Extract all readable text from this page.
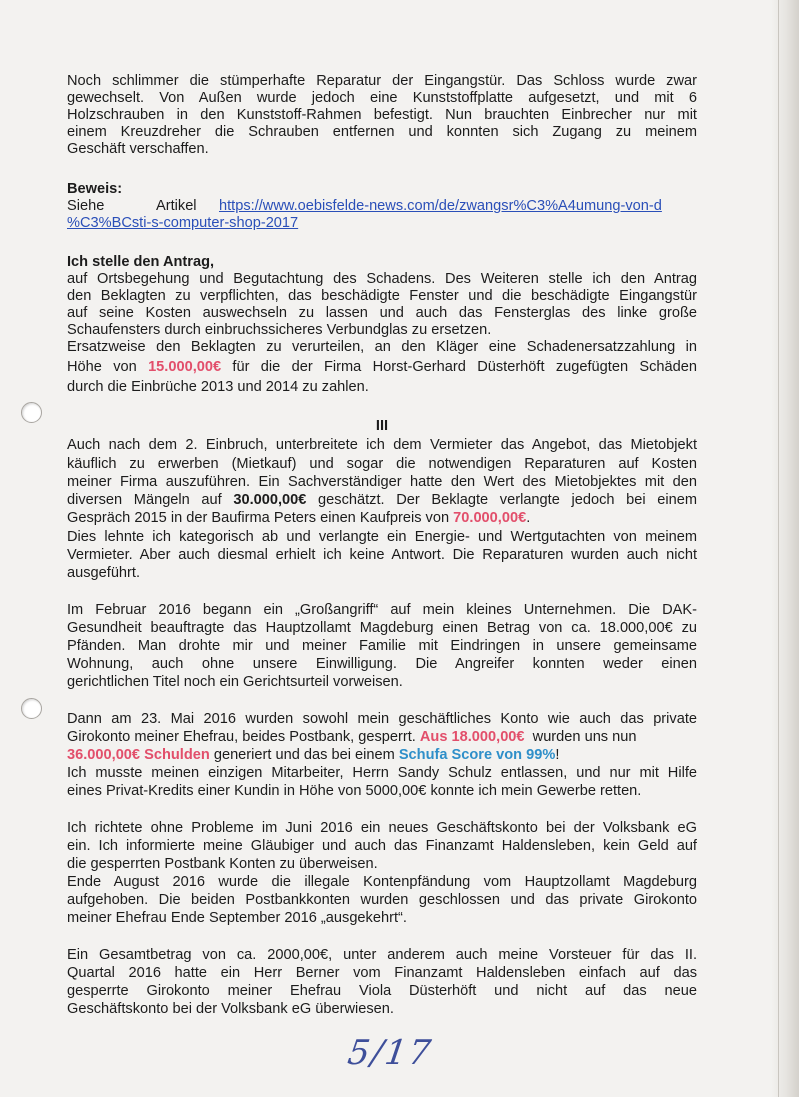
Noch schlimmer die stümperhafte Reparatur der Eingangstür. Das Schloss wurde zwar
gewechselt. Von Außen wurde jedoch eine Kunststoffplatte aufgesetzt, und mit 6
Holzschrauben in den Kunststoff-Rahmen befestigt. Nun brauchten Einbrecher nur mit
einem Kreuzdreher die Schrauben entfernen und konnten sich Zugang zu meinem
Geschäft verschaffen.
Beweis:
Siehe	Artikel https://www.oebisfelde-news.com/de/zwangsr%C3%A4umung-von-d
%C3%BCsti-s-computer-shop-2017
Ich stelle den Antrag,
auf Ortsbegehung und Begutachtung des Schadens. Des Weiteren stelle ich den Antrag
den Beklagten zu verpflichten, das beschädigte Fenster und die beschädigte Eingangstür
auf seine Kosten auswechseln zu lassen und auch das Fensterglas des linke große
Schaufensters durch einbruchssicheres Verbundglas zu ersetzen.
Ersatzweise den Beklagten zu verurteilen, an den Kläger eine Schadenersatzzahlung in
Höhe von 15.000,00€ für die der Firma Horst-Gerhard Düsterhöft zugefügten Schäden
durch die Einbrüche 2013 und 2014 zu zahlen.
III
Auch nach dem 2. Einbruch, unterbreitete ich dem Vermieter das Angebot, das Mietobjekt
käuflich zu erwerben (Mietkauf) und sogar die notwendigen Reparaturen auf Kosten
meiner Firma auszuführen. Ein Sachverständiger hatte den Wert des Mietobjektes mit den
diversen Mängeln auf 30.000,00€ geschätzt. Der Beklagte verlangte jedoch bei einem
Gespräch 2015 in der Baufirma Peters einen Kaufpreis von 70.000,00€.
Dies lehnte ich kategorisch ab und verlangte ein Energie- und Wertgutachten von meinem
Vermieter. Aber auch diesmal erhielt ich keine Antwort. Die Reparaturen wurden auch nicht
ausgeführt.
Im Februar 2016 begann ein „Großangriff“ auf mein kleines Unternehmen. Die DAK-
Gesundheit beauftragte das Hauptzollamt Magdeburg einen Betrag von ca. 18.000,00€ zu
Pfänden. Man drohte mir und meiner Familie mit Eindringen in unsere gemeinsame
Wohnung, auch ohne unsere Einwilligung. Die Angreifer konnten weder einen
gerichtlichen Titel noch ein Gerichtsurteil vorweisen.
Dann am 23. Mai 2016 wurden sowohl mein geschäftliches Konto wie auch das private
Girokonto meiner Ehefrau, beides Postbank, gesperrt. Aus 18.000,00€  wurden uns nun
36.000,00€ Schulden generiert und das bei einem Schufa Score von 99%!
Ich musste meinen einzigen Mitarbeiter, Herrn Sandy Schulz entlassen, und nur mit Hilfe
eines Privat-Kredits einer Kundin in Höhe von 5000,00€ konnte ich mein Gewerbe retten.
Ich richtete ohne Probleme im Juni 2016 ein neues Geschäftskonto bei der Volksbank eG
ein. Ich informierte meine Gläubiger und auch das Finanzamt Haldensleben, kein Geld auf
die gesperrten Postbank Konten zu überweisen.
Ende August 2016 wurde die illegale Kontenpfändung vom Hauptzollamt Magdeburg
aufgehoben. Die beiden Postbankkonten wurden geschlossen und das private Girokonto
meiner Ehefrau Ende September 2016 „ausgekehrt“.
Ein Gesamtbetrag von ca. 2000,00€, unter anderem auch meine Vorsteuer für das II.
Quartal 2016 hatte ein Herr Berner vom Finanzamt Haldensleben einfach auf das
gesperrte Girokonto meiner Ehefrau Viola Düsterhöft und nicht auf das neue
Geschäftskonto bei der Volksbank eG überwiesen.
5/17
